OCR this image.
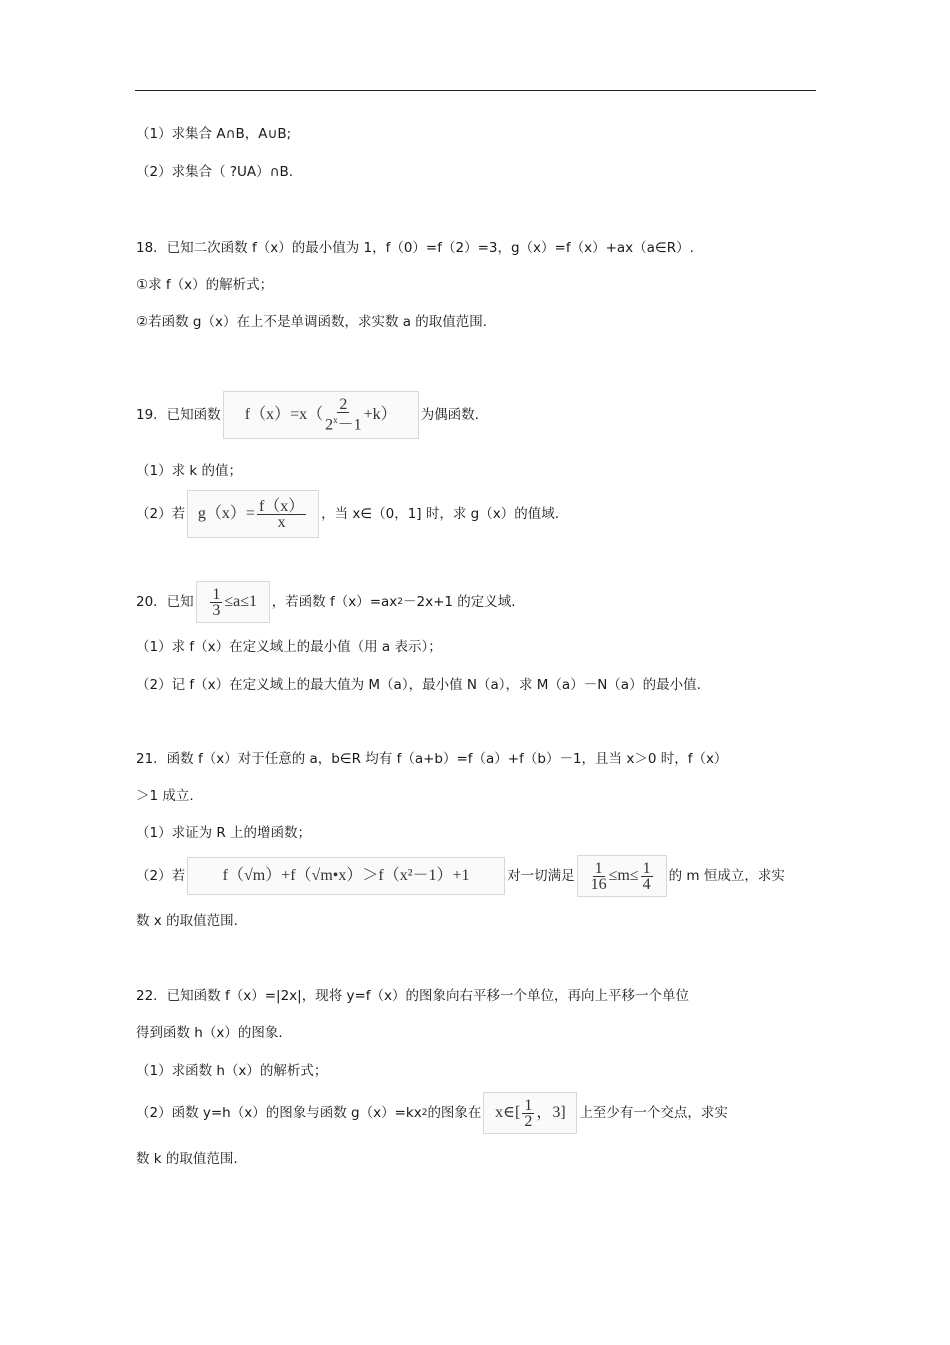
（1）求集合 A∩B，A∪B;
（2）求集合（ ?UA）∩B.
18．已知二次函数 f（x）的最小值为 1，f（0）=f（2）=3，g（x）=f（x）+ax（a∈R）.
①求 f（x）的解析式；
②若函数 g（x）在上不是单调函数，求实数 a 的取值范围.
19．已知函数 $f(x)=x( \frac{2}{2^x-1} +k)$ 为偶函数.
（1）求 k 的值；
（2）若 $g(x)= \frac{f(x)}{x}$ ，当 x∈（0，1] 时，求 g（x）的值域.
20．已知 $\frac{1}{3} \le a\le 1$ ，若函数 f（x）=ax 2 －2x+1 的定义域.
（1）求 f（x）在定义域上的最小值（用 a 表示）；
（2）记 f（x）在定义域上的最大值为 M（a），最小值 N（a），求 M（a）－N（a）的最小值.
21．函数 f（x）对于任意的 a，b∈R 均有 f（a+b）=f（a）+f（b）－1，且当 x＞0 时，f（x）
＞1 成立.
（1）求证为 R 上的增函数；
（2）若	f（√m）+f（√m•x）＞f（x²－1）+1	对一切满足 $\frac{1}{16} \le m\le \frac{1}{4}$ 的 m 恒成立，求实
数 x 的取值范围.
22．已知函数 f（x）=|2x|，现将 y=f（x）的图象向右平移一个单位，再向上平移一个单位
得到函数 h（x）的图象.
（1）求函数 h（x）的解析式；
（2）函数 y=h（x）的图象与函数 g（x）=kx 2 的图象在 x∈[ $\frac{1}{2}$ ，3] 上至少有一个交点，求实
数 k 的取值范围.
